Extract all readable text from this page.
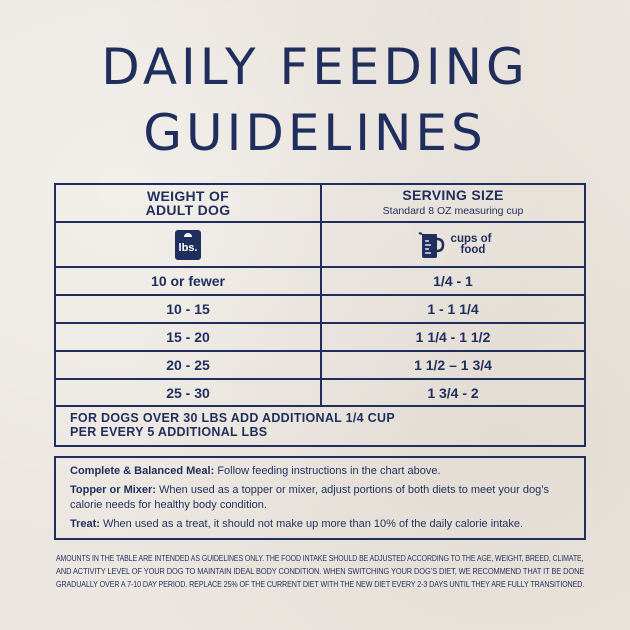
DAILY FEEDING
GUIDELINES
WEIGHT OF
ADULT DOG
SERVING SIZE
Standard 8 OZ measuring cup
lbs.
cups of
food
10 or fewer	1/4 - 1
10 - 15	1 - 1 1/4
15 - 20	1 1/4 - 1 1/2
20 - 25	1 1/2 – 1 3/4
25 - 30	1 3/4 - 2
FOR DOGS OVER 30 LBS ADD ADDITIONAL 1/4 CUP
PER EVERY 5 ADDITIONAL LBS

Complete & Balanced Meal: Follow feeding instructions in the chart above.

Topper or Mixer: When used as a topper or mixer, adjust portions of both diets to meet your dog’s calorie needs for healthy body condition.

Treat: When used as a treat, it should not make up more than 10% of the daily calorie intake.

AMOUNTS IN THE TABLE ARE INTENDED AS GUIDELINES ONLY. THE FOOD INTAKE SHOULD BE ADJUSTED ACCORDING TO THE AGE, WEIGHT, BREED, CLIMATE,
AND ACTIVITY LEVEL OF YOUR DOG TO MAINTAIN IDEAL BODY CONDITION. WHEN SWITCHING YOUR DOG’S DIET, WE RECOMMEND THAT IT BE DONE
GRADUALLY OVER A 7-10 DAY PERIOD. REPLACE 25% OF THE CURRENT DIET WITH THE NEW DIET EVERY 2-3 DAYS UNTIL THEY ARE FULLY TRANSITIONED.
